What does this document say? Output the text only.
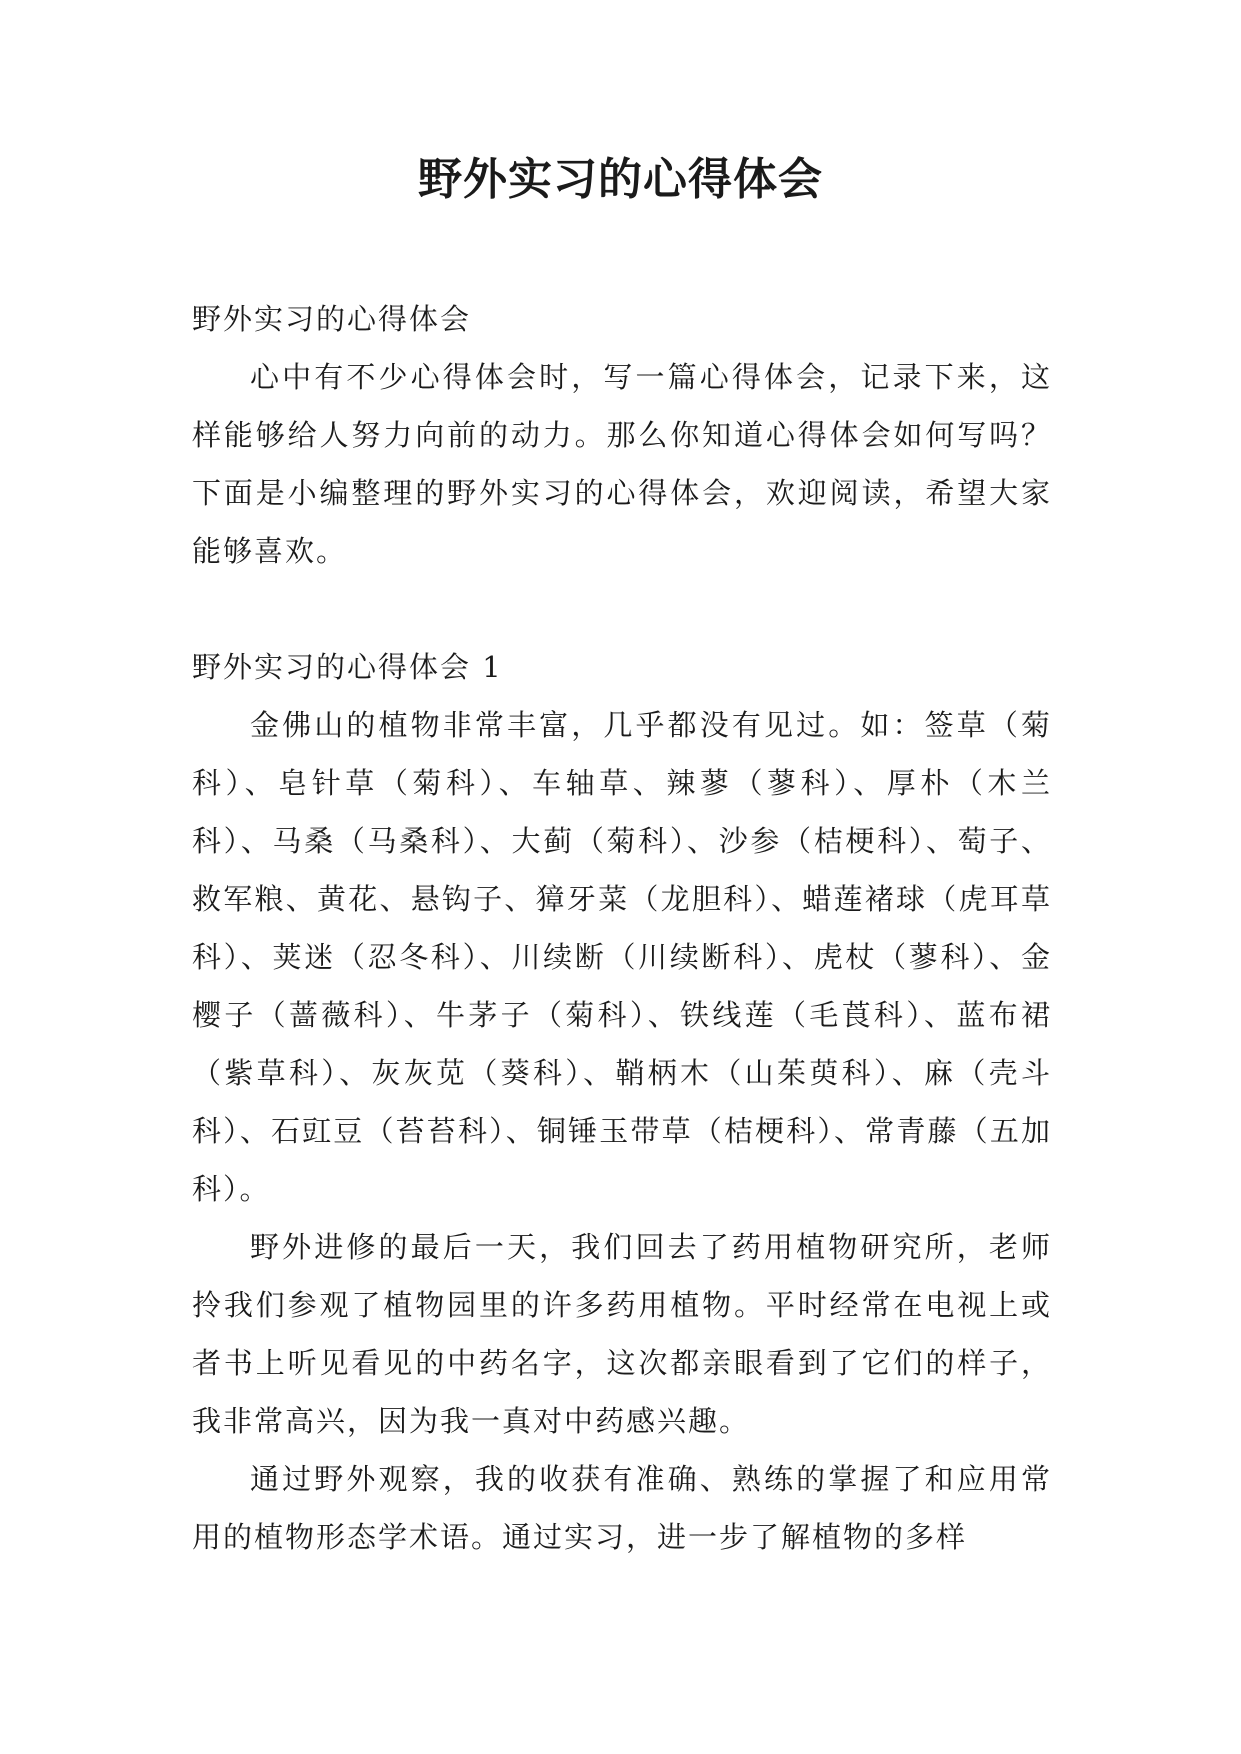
野外实习的心得体会

野外实习的心得体会

心中有不少心得体会时，写一篇心得体会，记录下来，这样能够给人努力向前的动力。那么你知道心得体会如何写吗？下面是小编整理的野外实习的心得体会，欢迎阅读，希望大家能够喜欢。

野外实习的心得体会 1

金佛山的植物非常丰富，几乎都没有见过。如：签草（菊科）、皂针草（菊科）、车轴草、辣蓼（蓼科）、厚朴（木兰科）、马桑（马桑科）、大蓟（菊科）、沙参（桔梗科）、萄子、救军粮、黄花、悬钩子、獐牙菜（龙胆科）、蜡莲褚球（虎耳草科）、荚迷（忍冬科）、川续断（川续断科）、虎杖（蓼科）、金樱子（蔷薇科）、牛茅子（菊科）、铁线莲（毛莨科）、蓝布裙（紫草科）、灰灰苋（葵科）、鞘柄木（山茱萸科）、麻（壳斗科）、石豇豆（苔苔科）、铜锤玉带草（桔梗科）、常青藤（五加科）。

野外进修的最后一天，我们回去了药用植物研究所，老师拎我们参观了植物园里的许多药用植物。平时经常在电视上或者书上听见看见的中药名字，这次都亲眼看到了它们的样子，我非常高兴，因为我一真对中药感兴趣。

通过野外观察，我的收获有准确、熟练的掌握了和应用常用的植物形态学术语。通过实习，进一步了解植物的多样
